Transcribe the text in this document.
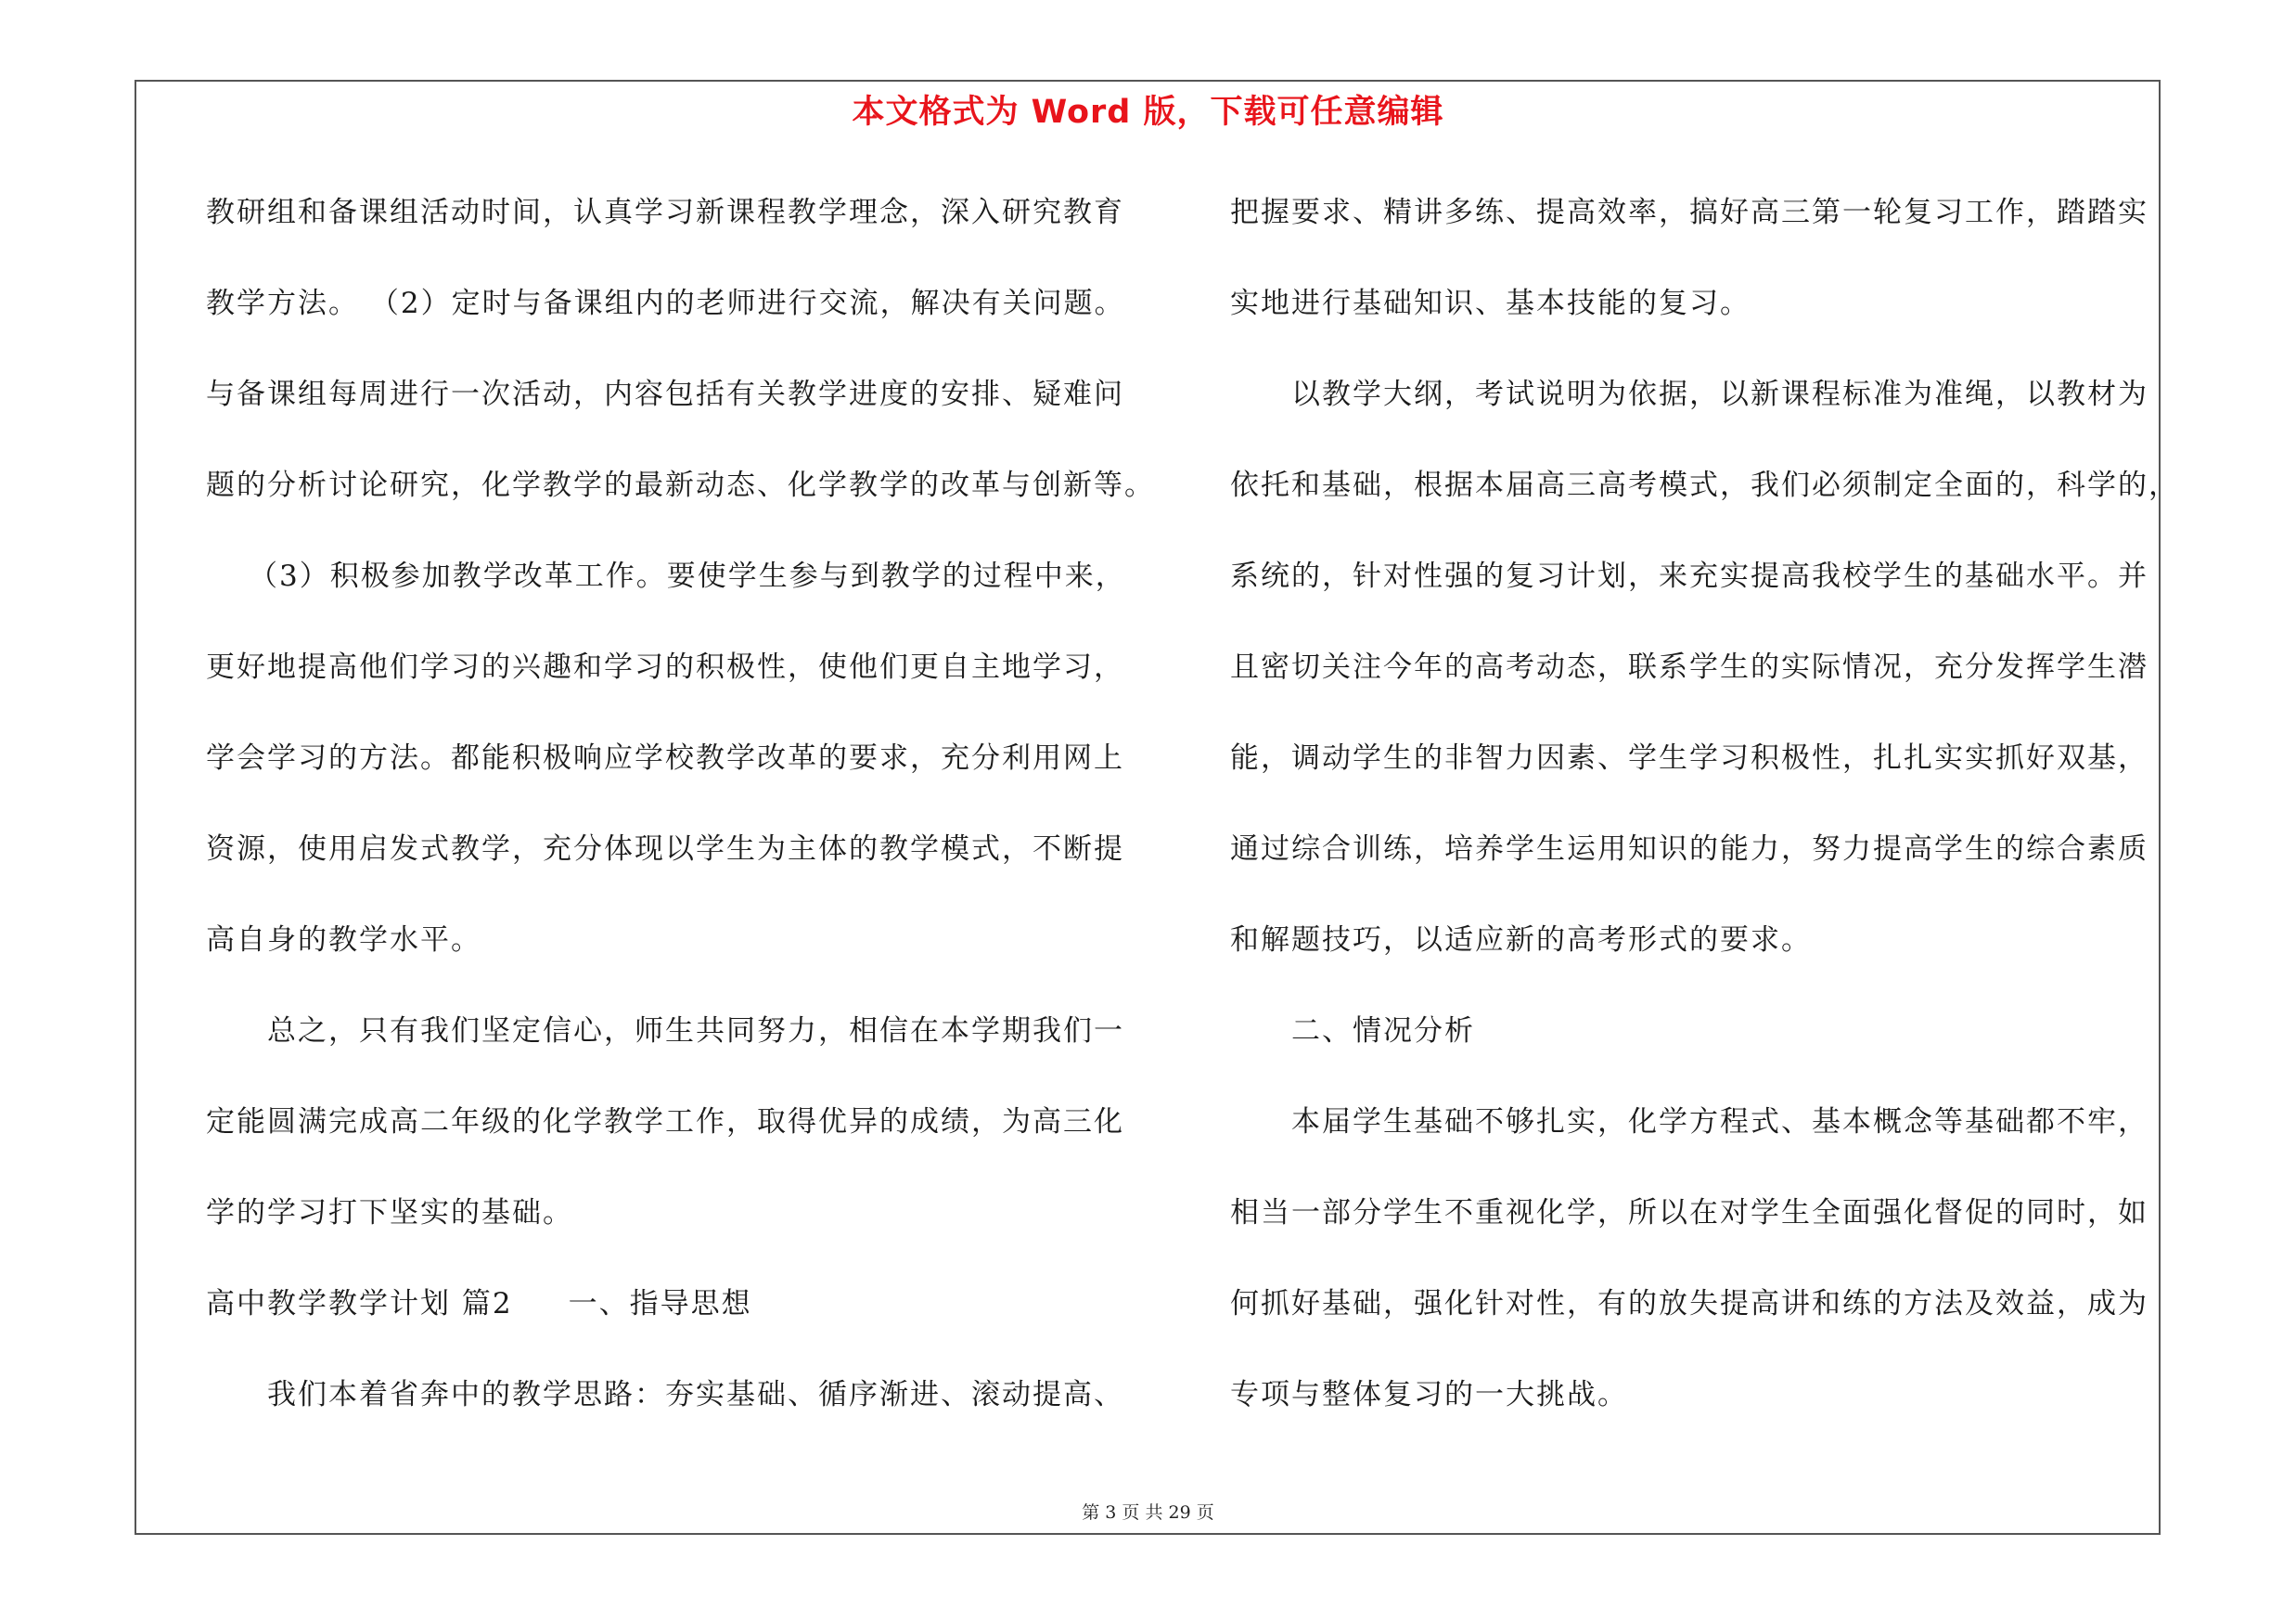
本文格式为 Word 版，下载可任意编辑
教研组和备课组活动时间，认真学习新课程教学理念，深入研究教育
教学方法。 （2）定时与备课组内的老师进行交流，解决有关问题。
与备课组每周进行一次活动，内容包括有关教学进度的安排、疑难问
题的分析讨论研究，化学教学的最新动态、化学教学的改革与创新等。
（3）积极参加教学改革工作。要使学生参与到教学的过程中来，
更好地提高他们学习的兴趣和学习的积极性，使他们更自主地学习，
学会学习的方法。都能积极响应学校教学改革的要求，充分利用网上
资源，使用启发式教学，充分体现以学生为主体的教学模式，不断提
高自身的教学水平。
总之，只有我们坚定信心，师生共同努力，相信在本学期我们一
定能圆满完成高二年级的化学教学工作，取得优异的成绩，为高三化
学的学习打下坚实的基础。
高中教学教学计划 篇2 一、指导思想
我们本着省奔中的教学思路：夯实基础、循序渐进、滚动提高、
把握要求、精讲多练、提高效率，搞好高三第一轮复习工作，踏踏实
实地进行基础知识、基本技能的复习。
以教学大纲，考试说明为依据，以新课程标准为准绳，以教材为
依托和基础，根据本届高三高考模式，我们必须制定全面的，科学的，
系统的，针对性强的复习计划，来充实提高我校学生的基础水平。并
且密切关注今年的高考动态，联系学生的实际情况，充分发挥学生潜
能，调动学生的非智力因素、学生学习积极性，扎扎实实抓好双基，
通过综合训练，培养学生运用知识的能力，努力提高学生的综合素质
和解题技巧，以适应新的高考形式的要求。
二、情况分析
本届学生基础不够扎实，化学方程式、基本概念等基础都不牢，
相当一部分学生不重视化学，所以在对学生全面强化督促的同时，如
何抓好基础，强化针对性，有的放失提高讲和练的方法及效益，成为
专项与整体复习的一大挑战。
第 3 页 共 29 页
